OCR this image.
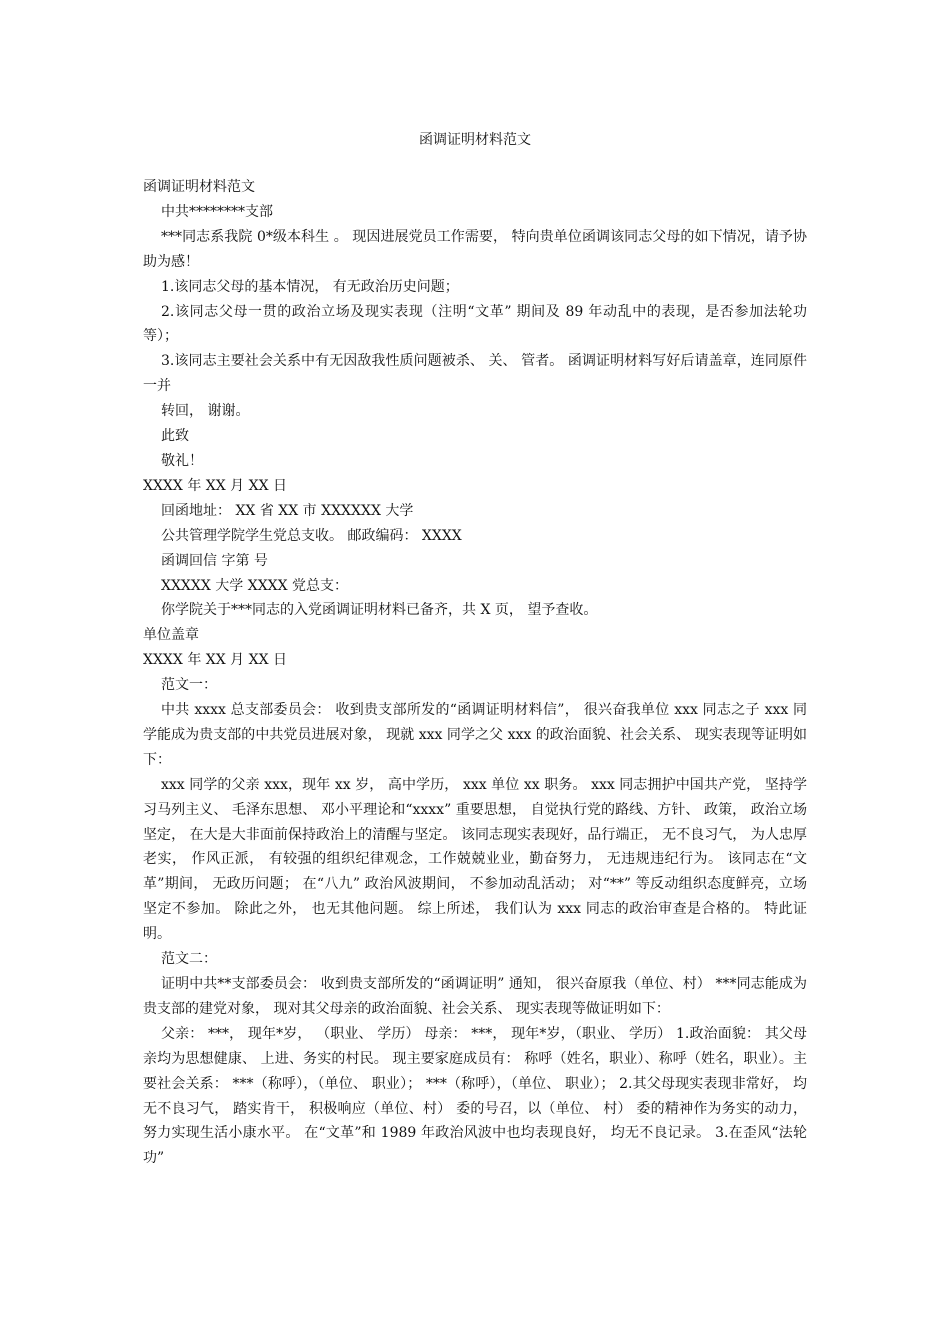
函调证明材料范文

函调证明材料范文

中共********支部

***同志系我院 0*级本科生 。 现因进展党员工作需要， 特向贵单位函调该同志父母的如下情况，请予协助为感！

1.该同志父母的基本情况， 有无政治历史问题；

2.该同志父母一贯的政治立场及现实表现（注明“文革” 期间及 89 年动乱中的表现，是否参加法轮功等）；

3.该同志主要社会关系中有无因敌我性质问题被杀、 关、 管者。 函调证明材料写好后请盖章，连同原件一并

转回， 谢谢。

此致

敬礼！

XXXX 年 XX 月 XX 日

回函地址： XX 省 XX 市 XXXXXX 大学

公共管理学院学生党总支收。 邮政编码： XXXX

函调回信 字第 号

XXXXX 大学 XXXX 党总支：

你学院关于***同志的入党函调证明材料已备齐，共 X 页， 望予查收。

单位盖章

XXXX 年 XX 月 XX 日

范文一：

中共 xxxx 总支部委员会： 收到贵支部所发的“函调证明材料信”， 很兴奋我单位 xxx 同志之子 xxx 同学能成为贵支部的中共党员进展对象， 现就 xxx 同学之父 xxx 的政治面貌、社会关系、 现实表现等证明如下：

xxx 同学的父亲 xxx，现年 xx 岁， 高中学历， xxx 单位 xx 职务。 xxx 同志拥护中国共产党， 坚持学习马列主义、 毛泽东思想、 邓小平理论和“xxxx” 重要思想， 自觉执行党的路线、方针、 政策， 政治立场坚定， 在大是大非面前保持政治上的清醒与坚定。 该同志现实表现好，品行端正， 无不良习气， 为人忠厚老实， 作风正派， 有较强的组织纪律观念，工作兢兢业业，勤奋努力， 无违规违纪行为。 该同志在“文革”期间， 无政历问题； 在“八九” 政治风波期间， 不参加动乱活动； 对“**” 等反动组织态度鲜亮，立场坚定不参加。 除此之外， 也无其他问题。 综上所述， 我们认为 xxx 同志的政治审查是合格的。 特此证明。

范文二：

证明中共**支部委员会： 收到贵支部所发的“函调证明” 通知， 很兴奋原我（单位、村） ***同志能成为贵支部的建党对象， 现对其父母亲的政治面貌、社会关系、 现实表现等做证明如下：

父亲： ***， 现年*岁， （职业、 学历） 母亲： ***， 现年*岁，（职业、 学历） 1.政治面貌： 其父母亲均为思想健康、 上进、务实的村民。 现主要家庭成员有： 称呼（姓名，职业）、称呼（姓名，职业）。主要社会关系： ***（称呼），（单位、 职业）； ***（称呼），（单位、 职业）； 2.其父母现实表现非常好， 均无不良习气， 踏实肯干， 积极响应（单位、村） 委的号召，以（单位、 村） 委的精神作为务实的动力， 努力实现生活小康水平。 在“文革”和 1989 年政治风波中也均表现良好， 均无不良记录。 3.在歪风“法轮功”
